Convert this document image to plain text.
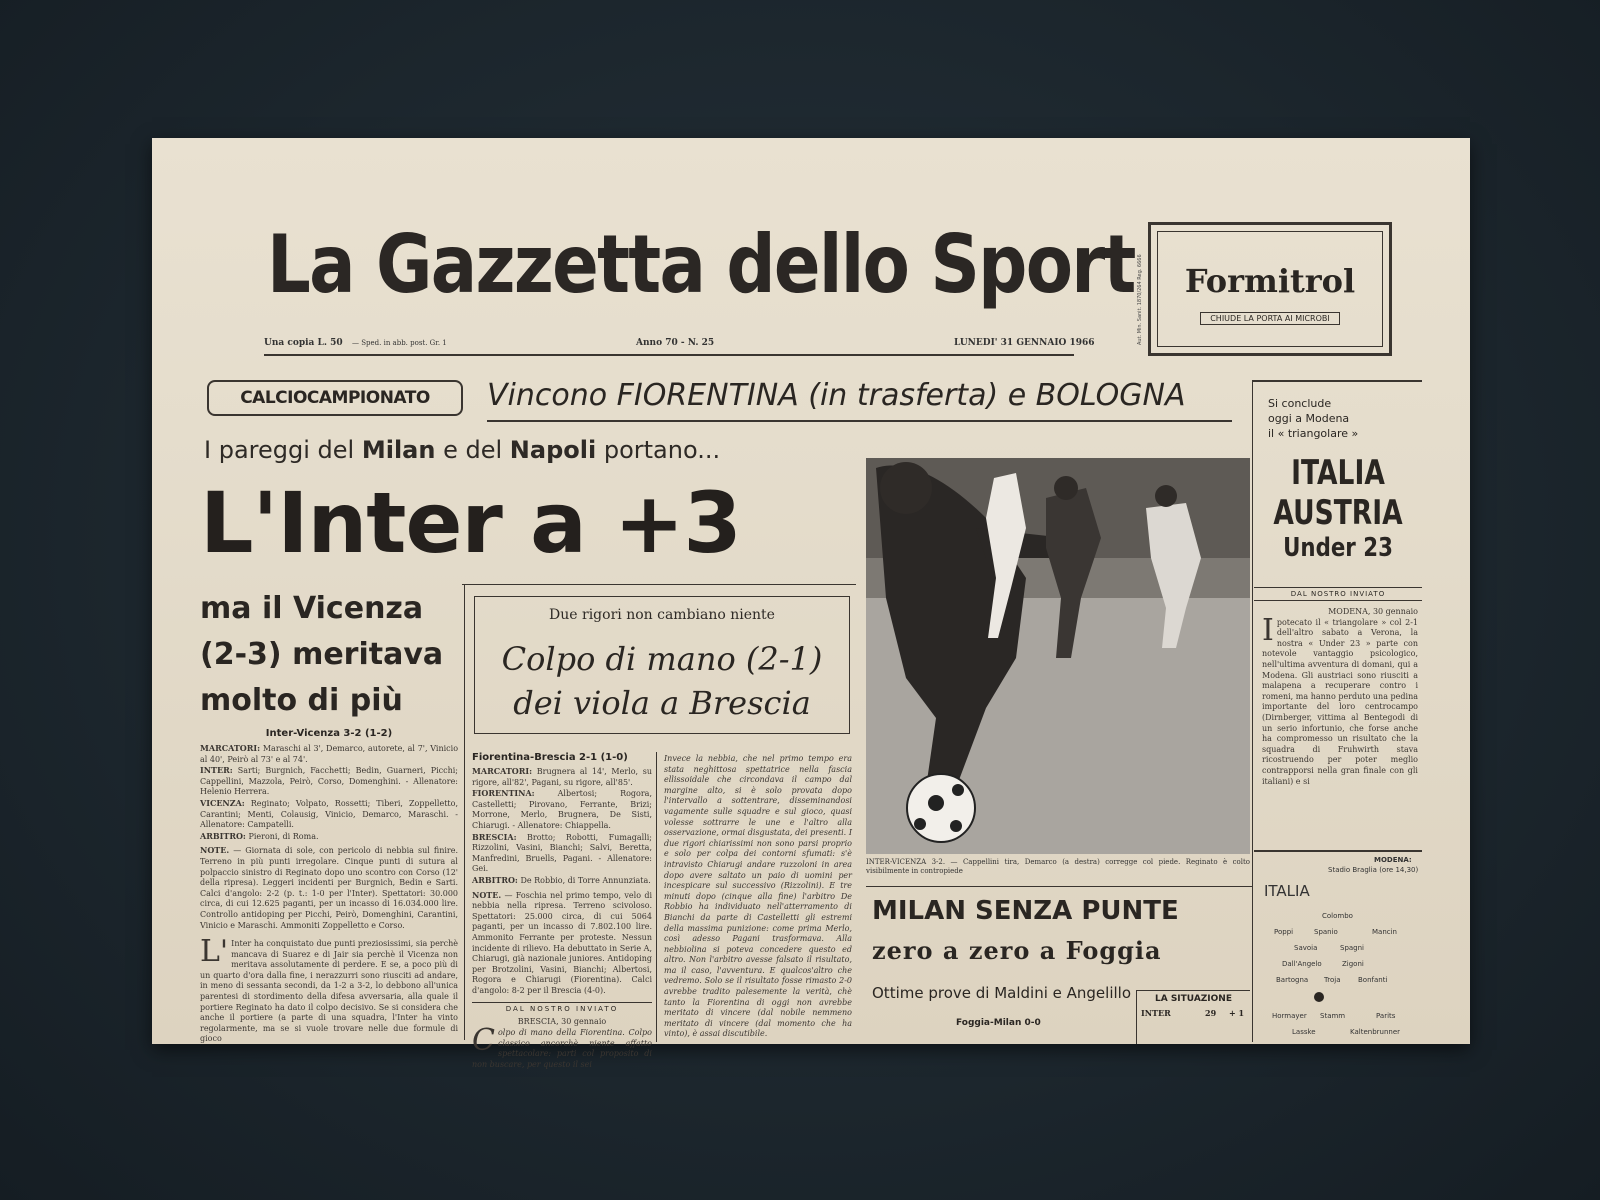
La Gazzetta dello Sport Aut. Min. Sanit. 1870/264 Reg. 6666	Formitrol
CHIUDE LA PORTA AI MICROBI
Una copia L. 50 — Sped. in abb. post. Gr. 1	Anno 70 - N. 25	LUNEDI' 31 GENNAIO 1966
CALCIOCAMPIONATO	Vincono FIORENTINA (in trasferta) e BOLOGNA
I pareggi del Milan e del Napoli portano...
L'Inter a +3
ma il Vicenza
(2-3) meritava
molto di più
Inter-Vicenza 3-2 (1-2)
MARCATORI: Maraschi al 3', Demarco, autorete, al 7', Vinicio al 40', Peirò al 73' e al 74'.
INTER: Sarti; Burgnich, Facchetti; Bedin, Guarneri, Picchi; Cappellini, Mazzola, Peirò, Corso, Domenghini. - Allenatore: Helenio Herrera.
VICENZA: Reginato; Volpato, Rossetti; Tiberi, Zoppelletto, Carantini; Menti, Colausig, Vinicio, Demarco, Maraschi. - Allenatore: Campatelli.
ARBITRO: Pieroni, di Roma.
NOTE. — Giornata di sole, con pericolo di nebbia sul finire. Terreno in più punti irregolare. Cinque punti di sutura al polpaccio sinistro di Reginato dopo uno scontro con Corso (12' della ripresa). Leggeri incidenti per Burgnich, Bedin e Sarti. Calci d'angolo: 2-2 (p. t.: 1-0 per l'Inter). Spettatori: 30.000 circa, di cui 12.625 paganti, per un incasso di 16.034.000 lire. Controllo antidoping per Picchi, Peirò, Domenghini, Carantini, Vinicio e Maraschi. Ammoniti Zoppelletto e Corso.
L' Inter ha conquistato due punti preziosissimi, sia perchè mancava di Suarez e di Jair sia perchè il Vicenza non meritava assolutamente di perdere. E se, a poco più di un quarto d'ora dalla fine, i nerazzurri sono riusciti ad andare, in meno di sessanta secondi, da 1-2 a 3-2, lo debbono all'unica parentesi di stordimento della difesa avversaria, alla quale il portiere Reginato ha dato il colpo decisivo. Se si considera che anche il portiere (a parte di una squadra, l'Inter ha vinto regolarmente, ma se si vuole trovare nelle due formule di gioco
Due rigori non cambiano niente
Colpo di mano (2-1)
dei viola a Brescia
Fiorentina-Brescia 2-1 (1-0)
MARCATORI: Brugnera al 14', Merlo, su rigore, all'82', Pagani, su rigore, all'85'.
FIORENTINA:	Albertosi; Rogora, Castelletti; Pirovano, Ferrante, Brizi; Morrone, Merlo, Brugnera, De Sisti, Chiarugi. - Allenatore: Chiappella.
BRESCIA: Brotto; Robotti, Fumagalli; Rizzolini, Vasini, Bianchi; Salvi, Beretta, Manfredini, Bruells, Pagani. - Allenatore: Gei.
ARBITRO: De Robbio, di Torre Annunziata.
NOTE. — Foschia nel primo tempo, velo di nebbia nella ripresa. Terreno scivoloso. Spettatori: 25.000 circa, di cui 5064 paganti, per un incasso di 7.802.100 lire. Ammonito Ferrante per proteste. Nessun incidente di rilievo. Ha debuttato in Serie A, Chiarugi, già nazionale juniores. Antidoping per Brotzolini, Vasini, Bianchi; Albertosi, Rogora e Chiarugi (Fiorentina). Calci d'angolo: 8-2 per il Brescia (4-0).
DAL NOSTRO INVIATO
BRESCIA, 30 gennaio
Colpo di mano della Fiorentina. Colpo classico ancorchè niente affatto spettacolare: parti col proposito di non buscare, per questo il sei
Invece la nebbia, che nel primo tempo era stata neghittosa spettatrice nella fascia ellissoidale che circondava il campo dal margine alto, si è solo provata dopo l'intervallo a sottentrare, disseminandosi vagamente sulle squadre e sul gioco, quasi volesse sottrarre le une e l'altro alla osservazione, ormai disgustata, dei presenti. I due rigori chiarissimi non sono parsi proprio e solo per colpa dei contorni sfumati: s'è intravisto Chiarugi andare ruzzoloni in area dopo avere saltato un paio di uomini per incespicare sul successivo (Rizzolini). E tre minuti dopo (cinque alla fine) l'arbitro De Robbio ha individuato nell'atterramento di Bianchi da parte di Castelletti gli estremi della massima punizione: come prima Merlo, così adesso Pagani trasformava. Alla nebbiolina si poteva concedere questo ed altro. Non l'arbitro avesse falsato il risultato, ma il caso, l'avventura. E qualcos'altro che vedremo. Solo se il risultato fosse rimasto 2-0 avrebbe tradito palesemente la verità, chè tanto la Fiorentina di oggi non avrebbe meritato di vincere (dal nobile nemmeno meritato di vincere (dal momento che ha vinto), è assai discutibile.
INTER-VICENZA 3-2. — Cappellini tira, Demarco (a destra) corregge col piede. Reginato è colto visibilmente in contropiede
MILAN SENZA PUNTE
zero a zero a Foggia
Ottime prove di Maldini e Angelillo
Foggia-Milan 0-0
LA SITUAZIONE
INTER	29 + 1
Si conclude
oggi a Modena
il « triangolare »
ITALIA
AUSTRIA
Under 23
DAL NOSTRO INVIATO
MODENA, 30 gennaio
Ipotecato il « triangolare » col 2-1 dell'altro sabato a Verona, la nostra « Under 23 » parte con notevole vantaggio psicologico, nell'ultima avventura di domani, qui a Modena. Gli austriaci sono riusciti a malapena a recuperare contro i romeni, ma hanno perduto una pedina importante del loro centrocampo (Dirnberger, vittima al Bentegodi di un serio infortunio, che forse anche ha compromesso un risultato che la squadra di Fruhwirth stava ricostruendo per poter meglio contrapporsi nella gran finale con gli italiani) e si
MODENA:
Stadio Braglia (ore 14,30)
ITALIA
Colombo
Poppi	Spanio	Mancin
Savoia	Spagni
Dall'Angelo	Zigoni
Bartogna Troja	Bonfanti
Hormayer Stamm	Parits
Lasske	Kaltenbrunner
